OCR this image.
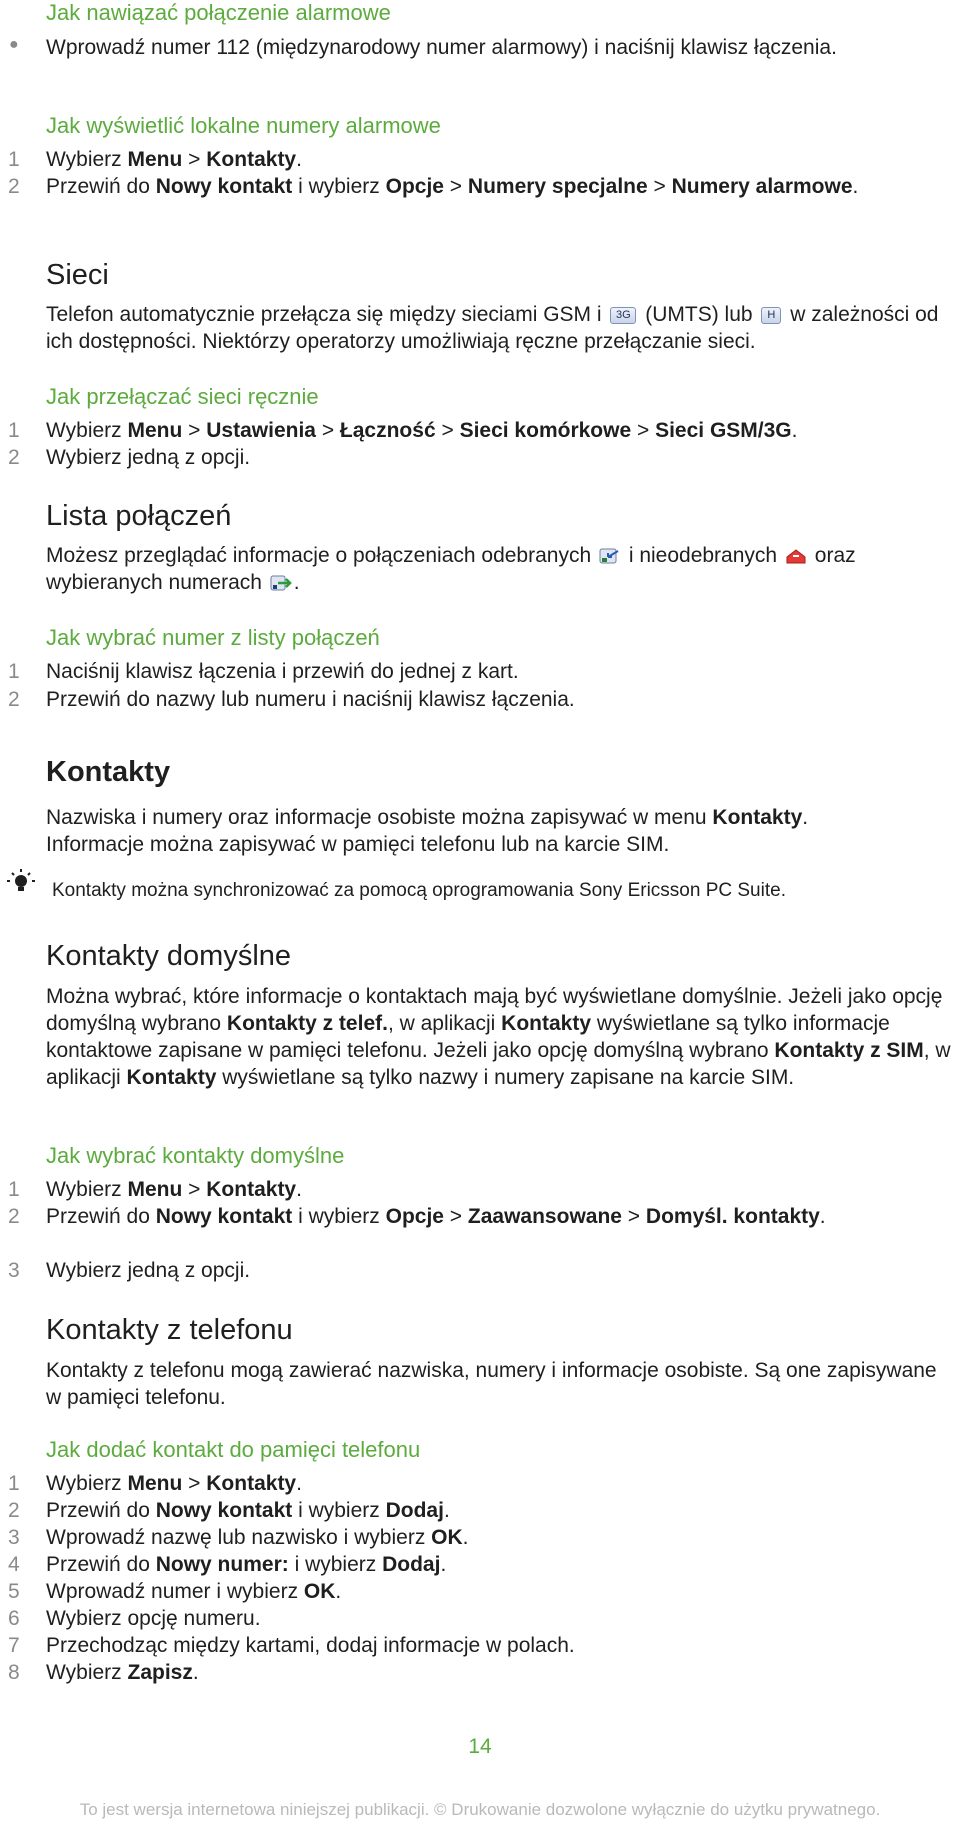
Jak nawiązać połączenie alarmowe
● Wprowadź numer 112 (międzynarodowy numer alarmowy) i naciśnij klawisz łączenia.
Jak wyświetlić lokalne numery alarmowe
1 Wybierz Menu > Kontakty.
2 Przewiń do Nowy kontakt i wybierz Opcje > Numery specjalne > Numery alarmowe.
Sieci
Telefon automatycznie przełącza się między sieciami GSM i 3G (UMTS) lub H w zależności od ich dostępności. Niektórzy operatorzy umożliwiają ręczne przełączanie sieci.
Jak przełączać sieci ręcznie
1 Wybierz Menu > Ustawienia > Łączność > Sieci komórkowe > Sieci GSM/3G.
2 Wybierz jedną z opcji.
Lista połączeń
Możesz przeglądać informacje o połączeniach odebranych  i nieodebranych  oraz wybieranych numerach .
Jak wybrać numer z listy połączeń
1 Naciśnij klawisz łączenia i przewiń do jednej z kart.
2 Przewiń do nazwy lub numeru i naciśnij klawisz łączenia.
Kontakty
Nazwiska i numery oraz informacje osobiste można zapisywać w menu Kontakty. Informacje można zapisywać w pamięci telefonu lub na karcie SIM.
Kontakty można synchronizować za pomocą oprogramowania Sony Ericsson PC Suite.
Kontakty domyślne
Można wybrać, które informacje o kontaktach mają być wyświetlane domyślnie. Jeżeli jako opcję domyślną wybrano Kontakty z telef., w aplikacji Kontakty wyświetlane są tylko informacje kontaktowe zapisane w pamięci telefonu. Jeżeli jako opcję domyślną wybrano Kontakty z SIM, w aplikacji Kontakty wyświetlane są tylko nazwy i numery zapisane na karcie SIM.
Jak wybrać kontakty domyślne
1 Wybierz Menu > Kontakty.
2 Przewiń do Nowy kontakt i wybierz Opcje > Zaawansowane > Domyśl. kontakty.
3 Wybierz jedną z opcji.
Kontakty z telefonu
Kontakty z telefonu mogą zawierać nazwiska, numery i informacje osobiste. Są one zapisywane w pamięci telefonu.
Jak dodać kontakt do pamięci telefonu
1 Wybierz Menu > Kontakty.
2 Przewiń do Nowy kontakt i wybierz Dodaj.
3 Wprowadź nazwę lub nazwisko i wybierz OK.
4 Przewiń do Nowy numer: i wybierz Dodaj.
5 Wprowadź numer i wybierz OK.
6 Wybierz opcję numeru.
7 Przechodząc między kartami, dodaj informacje w polach.
8 Wybierz Zapisz.
14
To jest wersja internetowa niniejszej publikacji. © Drukowanie dozwolone wyłącznie do użytku prywatnego.
